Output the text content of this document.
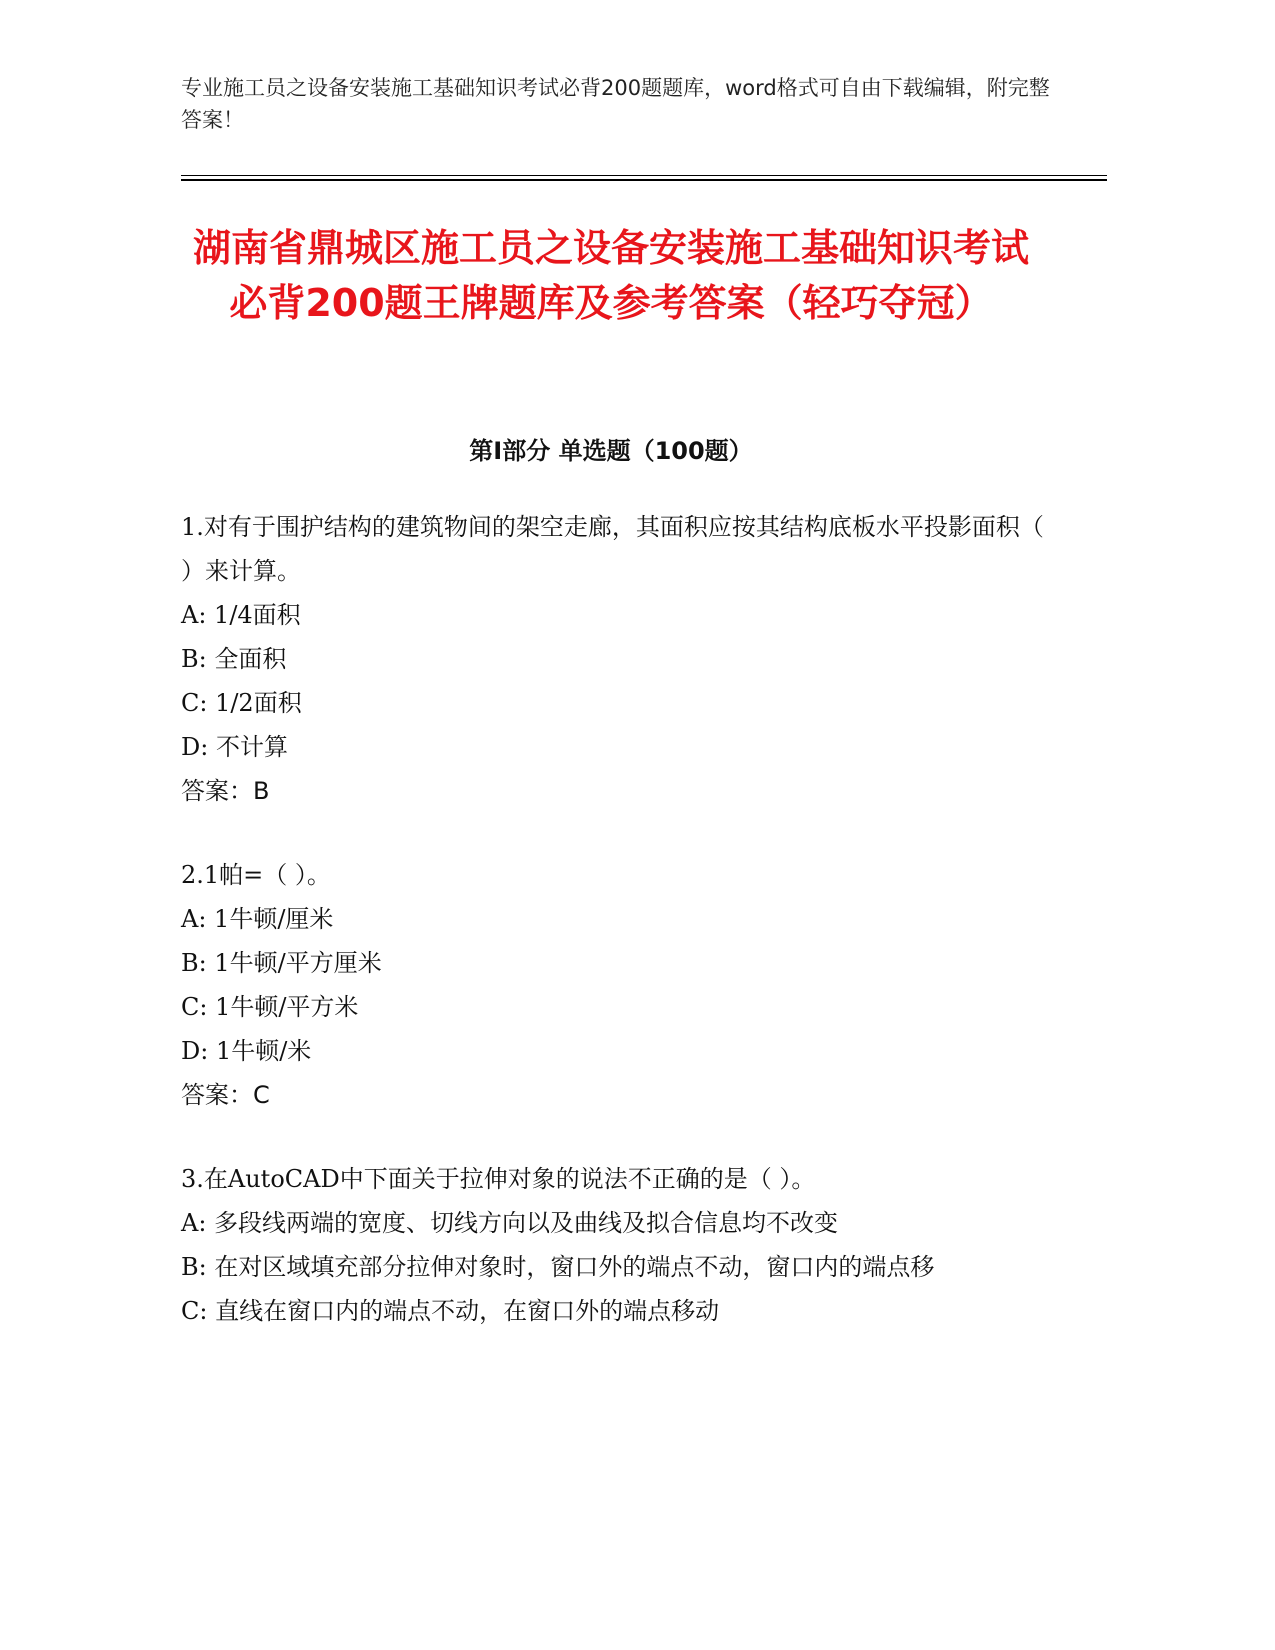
专业施工员之设备安装施工基础知识考试必背200题题库，word格式可自由下载编辑，附完整答案！
湖南省鼎城区施工员之设备安装施工基础知识考试必背200题王牌题库及参考答案（轻巧夺冠）
第I部分 单选题（100题）

1.对有于围护结构的建筑物间的架空走廊，其面积应按其结构底板水平投影面积（ ）来计算。

A: 1/4面积

B: 全面积

C: 1/2面积

D: 不计算

答案：B

2.1帕=（ ）。

A: 1牛顿/厘米

B: 1牛顿/平方厘米

C: 1牛顿/平方米

D: 1牛顿/米

答案：C

3.在AutoCAD中下面关于拉伸对象的说法不正确的是（ ）。

A: 多段线两端的宽度、切线方向以及曲线及拟合信息均不改变

B: 在对区域填充部分拉伸对象时，窗口外的端点不动，窗口内的端点移

C: 直线在窗口内的端点不动，在窗口外的端点移动
